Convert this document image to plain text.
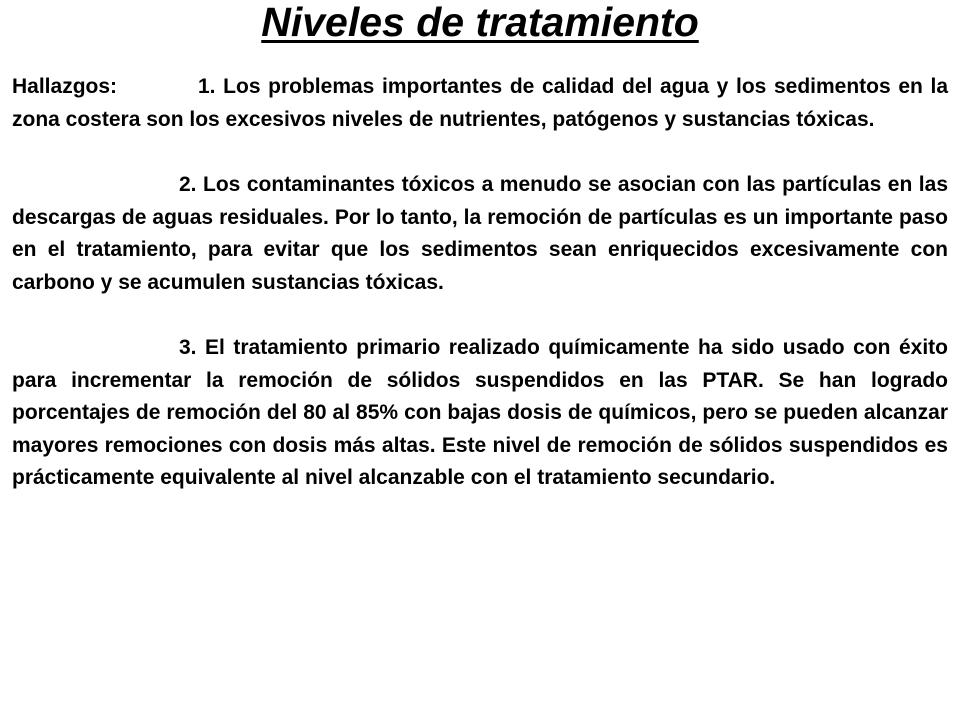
Niveles de tratamiento

Hallazgos:	1. Los problemas importantes de calidad del agua y los sedimentos en la zona costera son los excesivos niveles de nutrientes, patógenos y sustancias tóxicas.

2. Los contaminantes tóxicos a menudo se asocian con las partículas en las descargas de aguas residuales. Por lo tanto, la remoción de partículas es un importante paso en el tratamiento, para evitar que los sedimentos sean enriquecidos excesivamente con carbono y se acumulen sustancias tóxicas.

3. El tratamiento primario realizado químicamente ha sido usado con éxito para incrementar la remoción de sólidos suspendidos en las PTAR. Se han logrado porcentajes de remoción del 80 al 85% con bajas dosis de químicos, pero se pueden alcanzar mayores remociones con dosis más altas. Este nivel de remoción de sólidos suspendidos es prácticamente equivalente al nivel alcanzable con el tratamiento secundario.
